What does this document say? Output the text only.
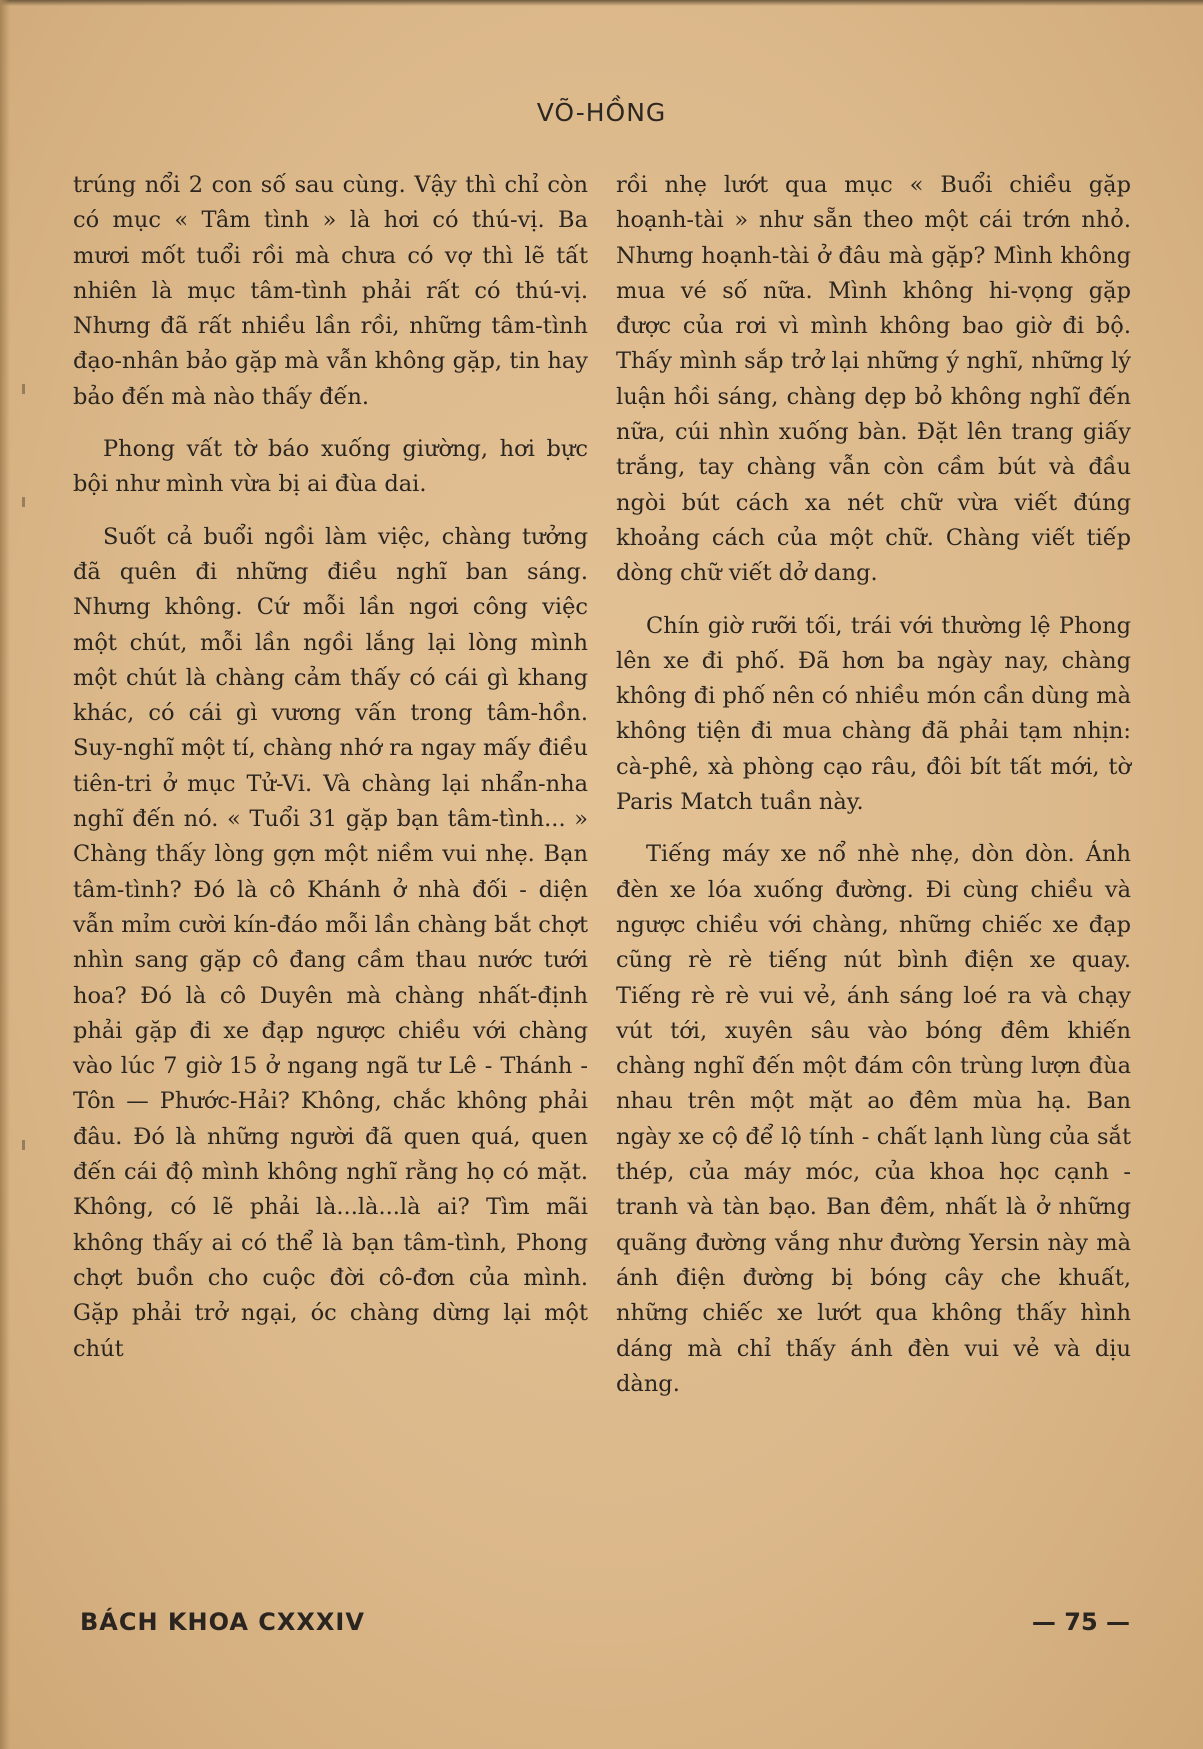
VÕ-HỒNG

trúng nổi 2 con số sau cùng. Vậy thì chỉ còn có mục « Tâm tình » là hơi có thú-vị. Ba mươi mốt tuổi rồi mà chưa có vợ thì lẽ tất nhiên là mục tâm-tình phải rất có thú-vị. Nhưng đã rất nhiều lần rồi, những tâm-tình đạo-nhân bảo gặp mà vẫn không gặp, tin hay bảo đến mà nào thấy đến.

Phong vất tờ báo xuống giường, hơi bực bội như mình vừa bị ai đùa dai.

Suốt cả buổi ngồi làm việc, chàng tưởng đã quên đi những điều nghĩ ban sáng. Nhưng không. Cứ mỗi lần ngơi công việc một chút, mỗi lần ngồi lắng lại lòng mình một chút là chàng cảm thấy có cái gì khang khác, có cái gì vương vấn trong tâm-hồn. Suy-nghĩ một tí, chàng nhớ ra ngay mấy điều tiên-tri ở mục Tử-Vi. Và chàng lại nhẩn-nha nghĩ đến nó. « Tuổi 31 gặp bạn tâm-tình... » Chàng thấy lòng gợn một niềm vui nhẹ. Bạn tâm-tình? Đó là cô Khánh ở nhà đối - diện vẫn mỉm cười kín-đáo mỗi lần chàng bắt chợt nhìn sang gặp cô đang cầm thau nước tưới hoa? Đó là cô Duyên mà chàng nhất-định phải gặp đi xe đạp ngược chiều với chàng vào lúc 7 giờ 15 ở ngang ngã tư Lê - Thánh - Tôn — Phước-Hải? Không, chắc không phải đâu. Đó là những người đã quen quá, quen đến cái độ mình không nghĩ rằng họ có mặt. Không, có lẽ phải là...là...là ai? Tìm mãi không thấy ai có thể là bạn tâm-tình, Phong chợt buồn cho cuộc đời cô-đơn của mình. Gặp phải trở ngại, óc chàng dừng lại một chút

rồi nhẹ lướt qua mục « Buổi chiều gặp hoạnh-tài » như sẵn theo một cái trớn nhỏ. Nhưng hoạnh-tài ở đâu mà gặp? Mình không mua vé số nữa. Mình không hi-vọng gặp được của rơi vì mình không bao giờ đi bộ. Thấy mình sắp trở lại những ý nghĩ, những lý luận hồi sáng, chàng dẹp bỏ không nghĩ đến nữa, cúi nhìn xuống bàn. Đặt lên trang giấy trắng, tay chàng vẫn còn cầm bút và đầu ngòi bút cách xa nét chữ vừa viết đúng khoảng cách của một chữ. Chàng viết tiếp dòng chữ viết dở dang.

Chín giờ rưỡi tối, trái với thường lệ Phong lên xe đi phố. Đã hơn ba ngày nay, chàng không đi phố nên có nhiều món cần dùng mà không tiện đi mua chàng đã phải tạm nhịn: cà-phê, xà phòng cạo râu, đôi bít tất mới, tờ Paris Match tuần này.

Tiếng máy xe nổ nhè nhẹ, dòn dòn. Ánh đèn xe lóa xuống đường. Đi cùng chiều và ngược chiều với chàng, những chiếc xe đạp cũng rè rè tiếng nút bình điện xe quay. Tiếng rè rè vui vẻ, ánh sáng loé ra và chạy vút tới, xuyên sâu vào bóng đêm khiến chàng nghĩ đến một đám côn trùng lượn đùa nhau trên một mặt ao đêm mùa hạ. Ban ngày xe cộ để lộ tính - chất lạnh lùng của sắt thép, của máy móc, của khoa học cạnh - tranh và tàn bạo. Ban đêm, nhất là ở những quãng đường vắng như đường Yersin này mà ánh điện đường bị bóng cây che khuất, những chiếc xe lướt qua không thấy hình dáng mà chỉ thấy ánh đèn vui vẻ và dịu dàng.

BÁCH KHOA CXXXIV	— 75 —
